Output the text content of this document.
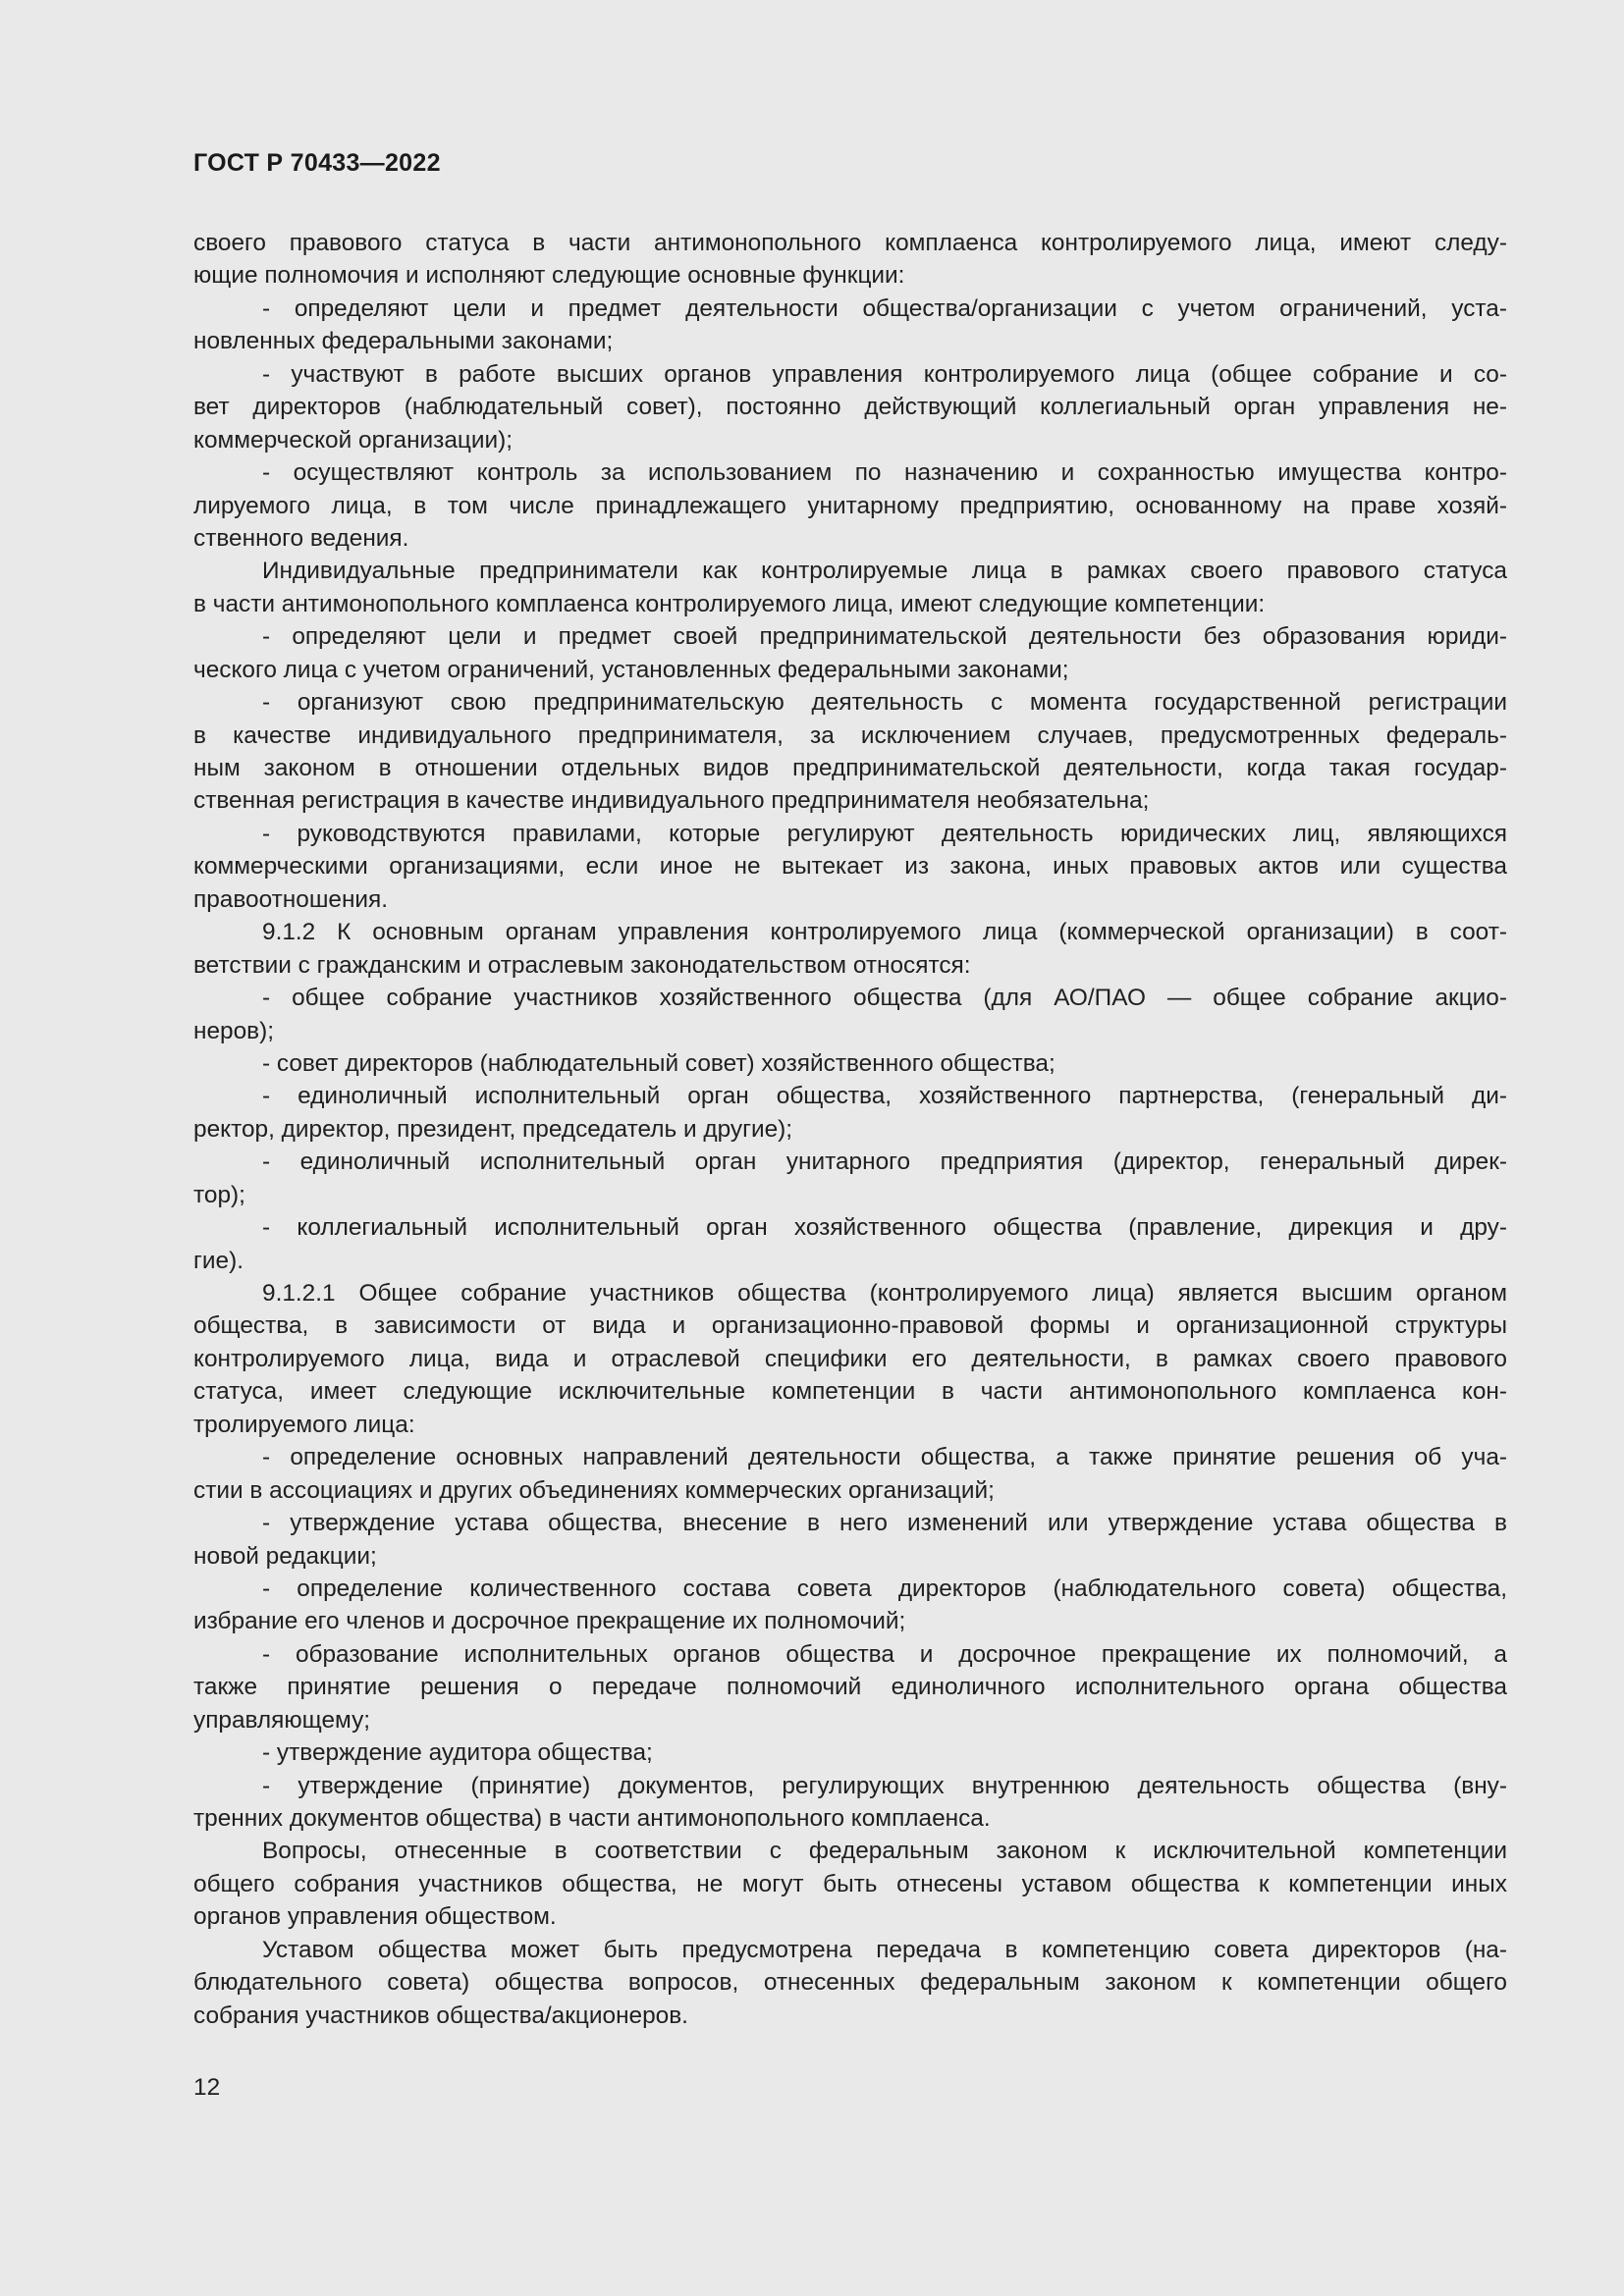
ГОСТ Р 70433—2022
своего правового статуса в части антимонопольного комплаенса контролируемого лица, имеют следу-
ющие полномочия и исполняют следующие основные функции:
- определяют цели и предмет деятельности общества/организации с учетом ограничений, уста-
новленных федеральными законами;
- участвуют в работе высших органов управления контролируемого лица (общее собрание и со-
вет директоров (наблюдательный совет), постоянно действующий коллегиальный орган управления не-
коммерческой организации);
- осуществляют контроль за использованием по назначению и сохранностью имущества контро-
лируемого лица, в том числе принадлежащего унитарному предприятию, основанному на праве хозяй-
ственного ведения.
Индивидуальные предприниматели как контролируемые лица в рамках своего правового статуса
в части антимонопольного комплаенса контролируемого лица, имеют следующие компетенции:
- определяют цели и предмет своей предпринимательской деятельности без образования юриди-
ческого лица с учетом ограничений, установленных федеральными законами;
- организуют свою предпринимательскую деятельность с момента государственной регистрации
в качестве индивидуального предпринимателя, за исключением случаев, предусмотренных федераль-
ным законом в отношении отдельных видов предпринимательской деятельности, когда такая государ-
ственная регистрация в качестве индивидуального предпринимателя необязательна;
- руководствуются правилами, которые регулируют деятельность юридических лиц, являющихся
коммерческими организациями, если иное не вытекает из закона, иных правовых актов или существа
правоотношения.
9.1.2 К основным органам управления контролируемого лица (коммерческой организации) в соот-
ветствии с гражданским и отраслевым законодательством относятся:
- общее собрание участников хозяйственного общества (для АО/ПАО — общее собрание акцио-
неров);
- совет директоров (наблюдательный совет) хозяйственного общества;
- единоличный исполнительный орган общества, хозяйственного партнерства, (генеральный ди-
ректор, директор, президент, председатель и другие);
- единоличный исполнительный орган унитарного предприятия (директор, генеральный дирек-
тор);
- коллегиальный исполнительный орган хозяйственного общества (правление, дирекция и дру-
гие).
9.1.2.1 Общее собрание участников общества (контролируемого лица) является высшим органом
общества, в зависимости от вида и организационно-правовой формы и организационной структуры
контролируемого лица, вида и отраслевой специфики его деятельности, в рамках своего правового
статуса, имеет следующие исключительные компетенции в части антимонопольного комплаенса кон-
тролируемого лица:
- определение основных направлений деятельности общества, а также принятие решения об уча-
стии в ассоциациях и других объединениях коммерческих организаций;
- утверждение устава общества, внесение в него изменений или утверждение устава общества в
новой редакции;
- определение количественного состава совета директоров (наблюдательного совета) общества,
избрание его членов и досрочное прекращение их полномочий;
- образование исполнительных органов общества и досрочное прекращение их полномочий, а
также принятие решения о передаче полномочий единоличного исполнительного органа общества
управляющему;
- утверждение аудитора общества;
- утверждение (принятие) документов, регулирующих внутреннюю деятельность общества (вну-
тренних документов общества) в части антимонопольного комплаенса.
Вопросы, отнесенные в соответствии с федеральным законом к исключительной компетенции
общего собрания участников общества, не могут быть отнесены уставом общества к компетенции иных
органов управления обществом.
Уставом общества может быть предусмотрена передача в компетенцию совета директоров (на-
блюдательного совета) общества вопросов, отнесенных федеральным законом к компетенции общего
собрания участников общества/акционеров.
12
